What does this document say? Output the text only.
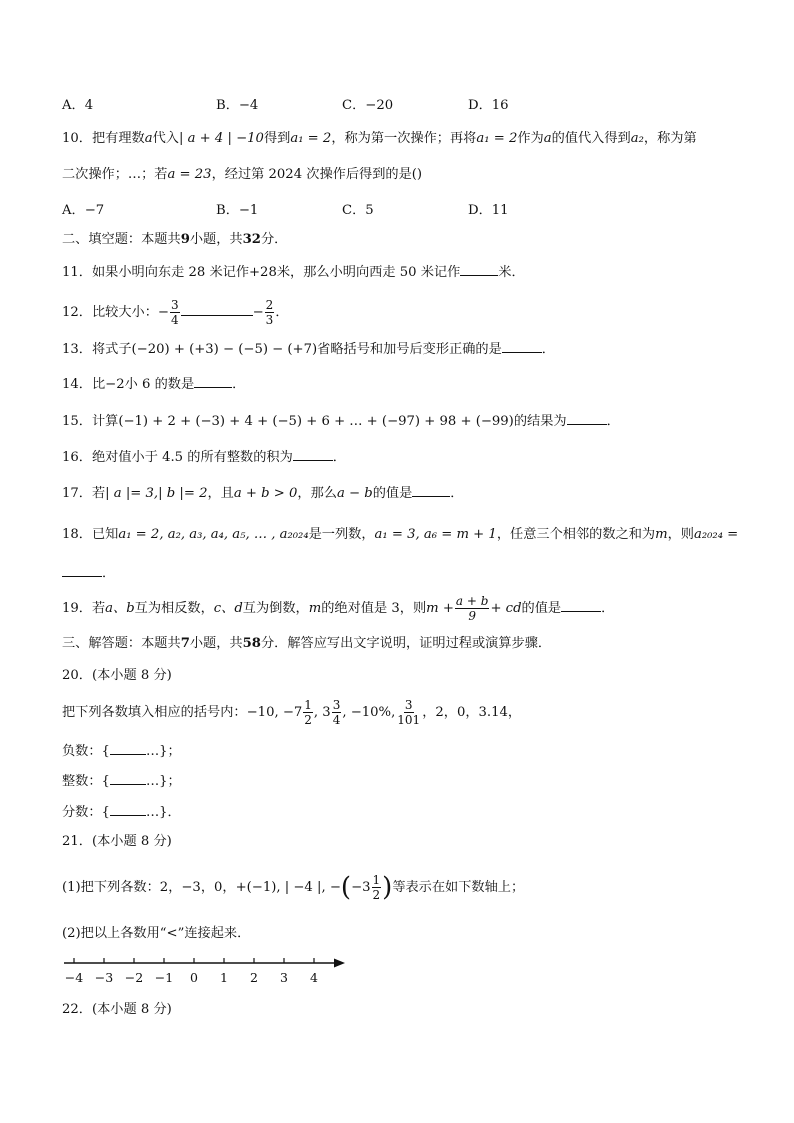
A．4	B．−4	C．−20	D．16
10．把有理数a代入| a + 4 | −10得到a₁ = 2，称为第一次操作；再将a₁ = 2作为a的值代入得到a₂，称为第
二次操作；…；若a = 23，经过第 2024 次操作后得到的是()
A．−7	B．−1	C．5	D．11
二、填空题：本题共9小题，共32分．
11．如果小明向东走 28 米记作+28米，那么小明向西走 50 米记作	米．
12．比较大小：− $\frac{3}{4}$	− $\frac{2}{3}$ ．
13．将式子(−20) + (+3) − (−5) − (+7)省略括号和加号后变形正确的是	．
14．比−2小 6 的数是	．
15．计算(−1) + 2 + (−3) + 4 + (−5) + 6 + … + (−97) + 98 + (−99)的结果为	．
16．绝对值小于 4.5 的所有整数的积为	．
17．若| a |= 3,| b |= 2，且a + b > 0，那么a − b的值是	．
18．已知a₁ = 2, a₂, a₃, a₄, a₅, … , a₂₀₂₄是一列数，a₁ = 3, a₆ = m + 1，任意三个相邻的数之和为m，则a₂₀₂₄ =
．
19．若a、b互为相反数，c、d互为倒数，m的绝对值是 3，则$m + \frac{a + b}{9}$ + cd的值是	．
三、解答题：本题共7小题，共58分．解答应写出文字说明，证明过程或演算步骤．
20．(本小题 8 分)
把下列各数填入相应的括号内：−10, $-7 \frac{1}{2}$ , $3 \frac{3}{4}$ , −10%, $\frac{3}{101}$ ，2，0，3.14，
负数：{	…}；
整数：{	…}；
分数：{	…}．
21．(本小题 8 分)
(1)把下列各数：2，−3，0，+(−1), | −4 |, $-(-3 \frac{1}{2}$ )等表示在如下数轴上；
(2)把以上各数用“<”连接起来．
−4 −3 −2 −1 0 1 2 3 4
22．(本小题 8 分)
